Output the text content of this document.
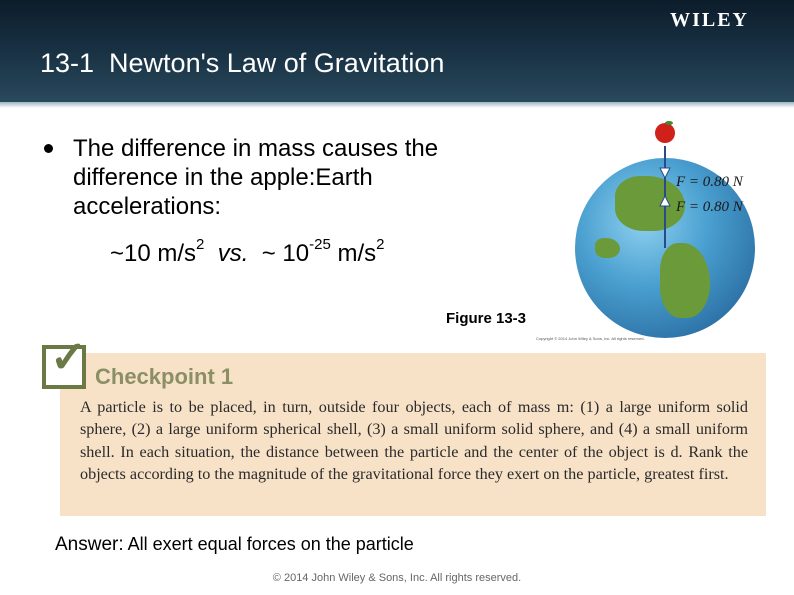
WILEY
13-1  Newton's Law of Gravitation
The difference in mass causes the difference in the apple:Earth accelerations:
~10 $m/s^2$ vs. ~ $10^{-25}$ $m/s^2$
F = 0.80 N
F = 0.80 N
Figure 13-3
Copyright © 2014 John Wiley & Sons, Inc. All rights reserved.
✓ Checkpoint 1
A particle is to be placed, in turn, outside four objects, each of mass m: (1) a large uniform solid sphere, (2) a large uniform spherical shell, (3) a small uniform solid sphere, and (4) a small uniform shell. In each situation, the distance between the particle and the center of the object is d. Rank the objects according to the magnitude of the gravitational force they exert on the particle, greatest first.
Answer: All exert equal forces on the particle
© 2014 John Wiley & Sons, Inc. All rights reserved.
